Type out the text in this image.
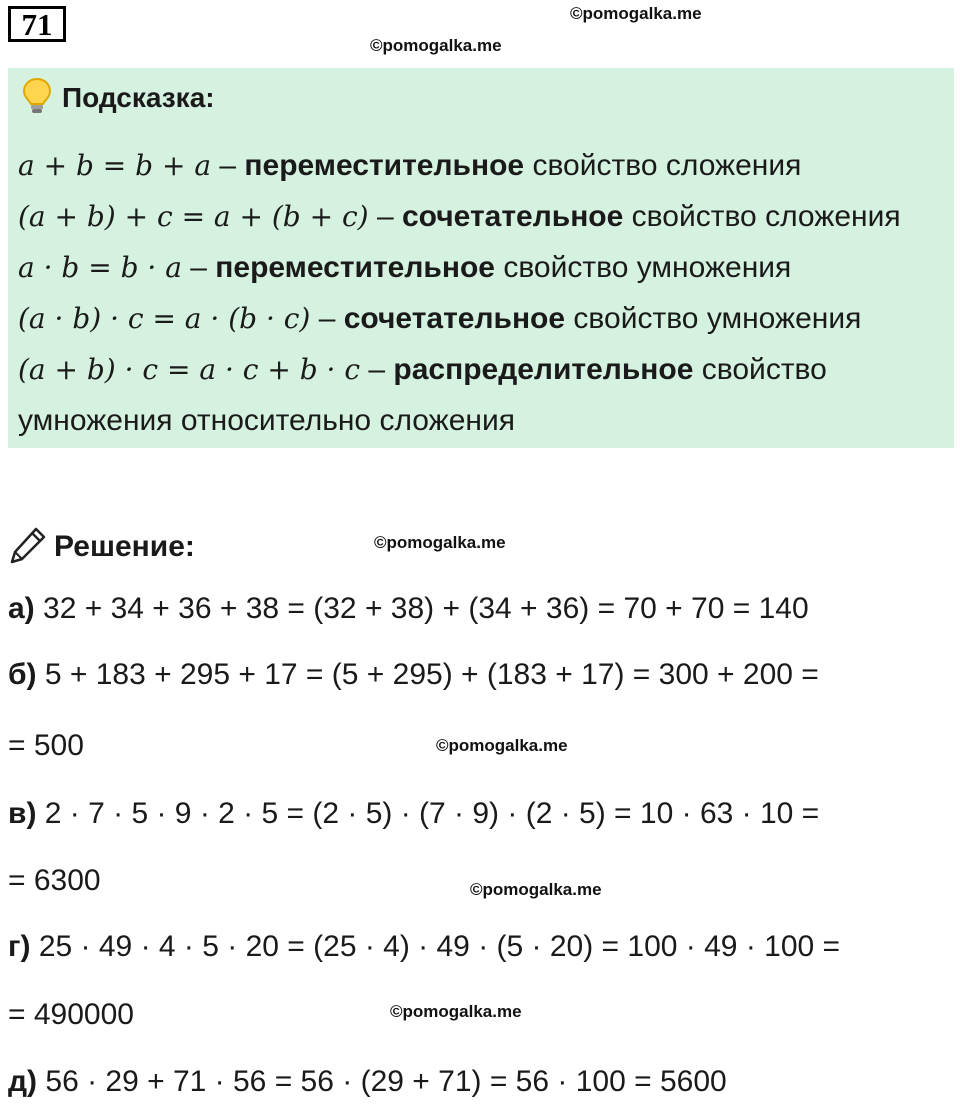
71	©pomogalka.me
©pomogalka.me
Подсказка:
a + b = b + a – переместительное свойство сложения
(a + b) + c = a + (b + c) – сочетательное свойство сложения
a · b = b · a – переместительное свойство умножения
(a · b) · c = a · (b · c) – сочетательное свойство умножения
(a + b) · c = a · c + b · c – распределительное свойство
умножения относительно сложения
Решение:	©pomogalka.me
а) 32 + 34 + 36 + 38 = (32 + 38) + (34 + 36) = 70 + 70 = 140
б) 5 + 183 + 295 + 17 = (5 + 295) + (183 + 17) = 300 + 200 =
= 500	©pomogalka.me
в) 2 · 7 · 5 · 9 · 2 · 5 = (2 · 5) · (7 · 9) · (2 · 5) = 10 · 63 · 10 =
= 6300	©pomogalka.me
г) 25 · 49 · 4 · 5 · 20 = (25 · 4) · 49 · (5 · 20) = 100 · 49 · 100 =
= 490000	©pomogalka.me
д) 56 · 29 + 71 · 56 = 56 · (29 + 71) = 56 · 100 = 5600
